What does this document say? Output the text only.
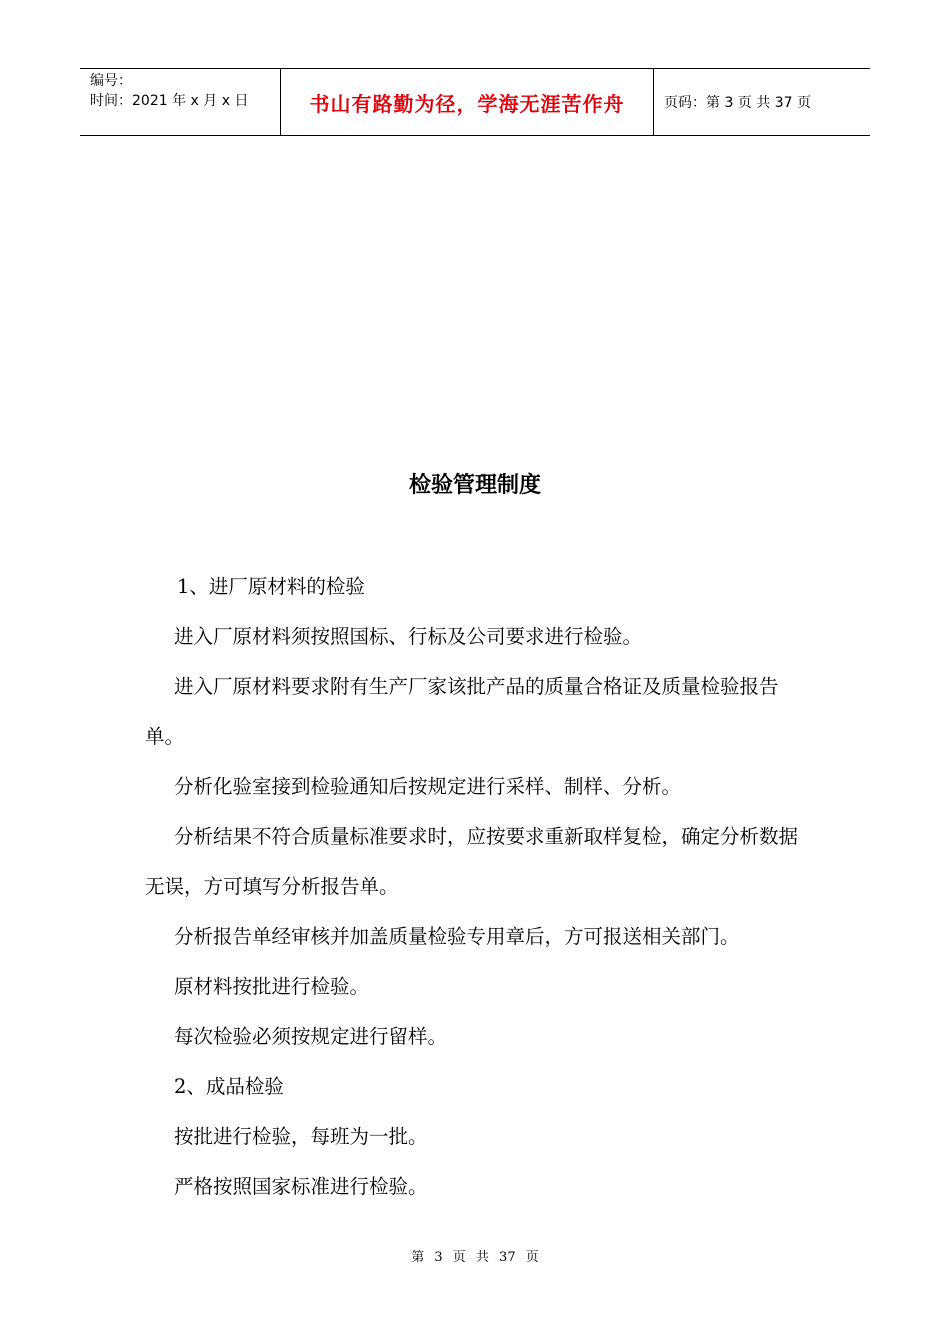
编号：
时间：2021 年 x 月 x 日	书山有路勤为径，学海无涯苦作舟	页码：第 3 页 共 37 页
检验管理制度

1、进厂原材料的检验

进入厂原材料须按照国标、行标及公司要求进行检验。

进入厂原材料要求附有生产厂家该批产品的质量合格证及质量检验报告单。

分析化验室接到检验通知后按规定进行采样、制样、分析。

分析结果不符合质量标准要求时，应按要求重新取样复检，确定分析数据无误，方可填写分析报告单。

分析报告单经审核并加盖质量检验专用章后，方可报送相关部门。

原材料按批进行检验。

每次检验必须按规定进行留样。

2、成品检验

按批进行检验，每班为一批。

严格按照国家标准进行检验。

第 3 页 共 37 页
